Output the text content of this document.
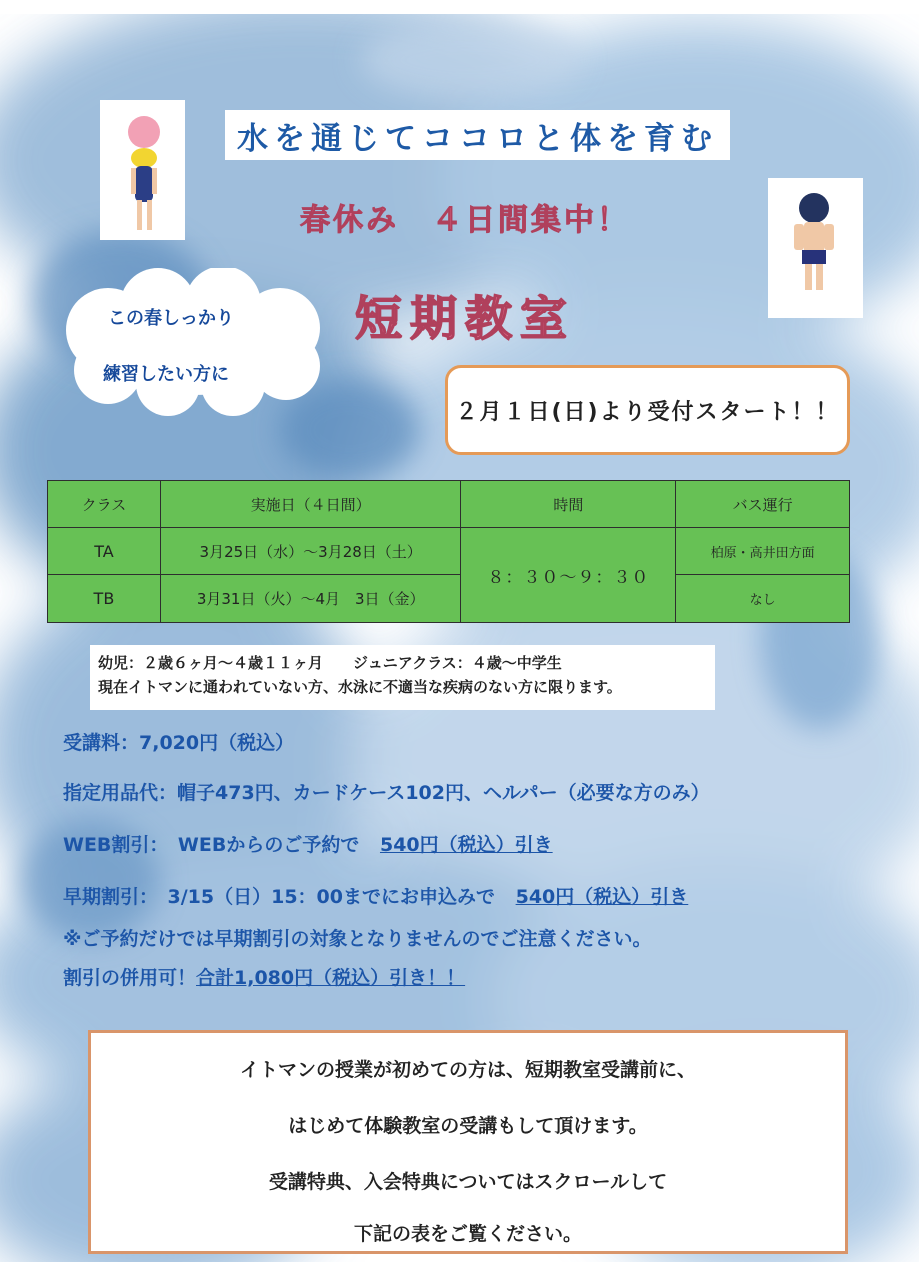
水を通じてココロと体を育む
春休み　４日間集中！
短期教室
この春しっかり
練習したい方に
２月１日(日)より受付スタート！！
クラス	実施日（４日間）	時間	バス運行
TA	3月25日（水）〜3月28日（土）	８：３０〜９：３０	柏原・高井田方面
TB	3月31日（火）〜4月　3日（金）		なし
幼児：２歳６ヶ月〜４歳１１ヶ月　　ジュニアクラス：４歳〜中学生
現在イトマンに通われていない方、水泳に不適当な疾病のない方に限ります。
受講料：7,020円（税込）
指定用品代：帽子473円、カードケース102円、ヘルパー（必要な方のみ）
WEB割引：　WEBからのご予約で 540円（税込）引き
早期割引：　3/15（日）15：00までにお申込みで 540円（税込）引き
※ご予約だけでは早期割引の対象となりませんのでご注意ください。
割引の併用可！合計1,080円（税込）引き！！
イトマンの授業が初めての方は、短期教室受講前に、
はじめて体験教室の受講もして頂けます。
受講特典、入会特典についてはスクロールして
下記の表をご覧ください。
